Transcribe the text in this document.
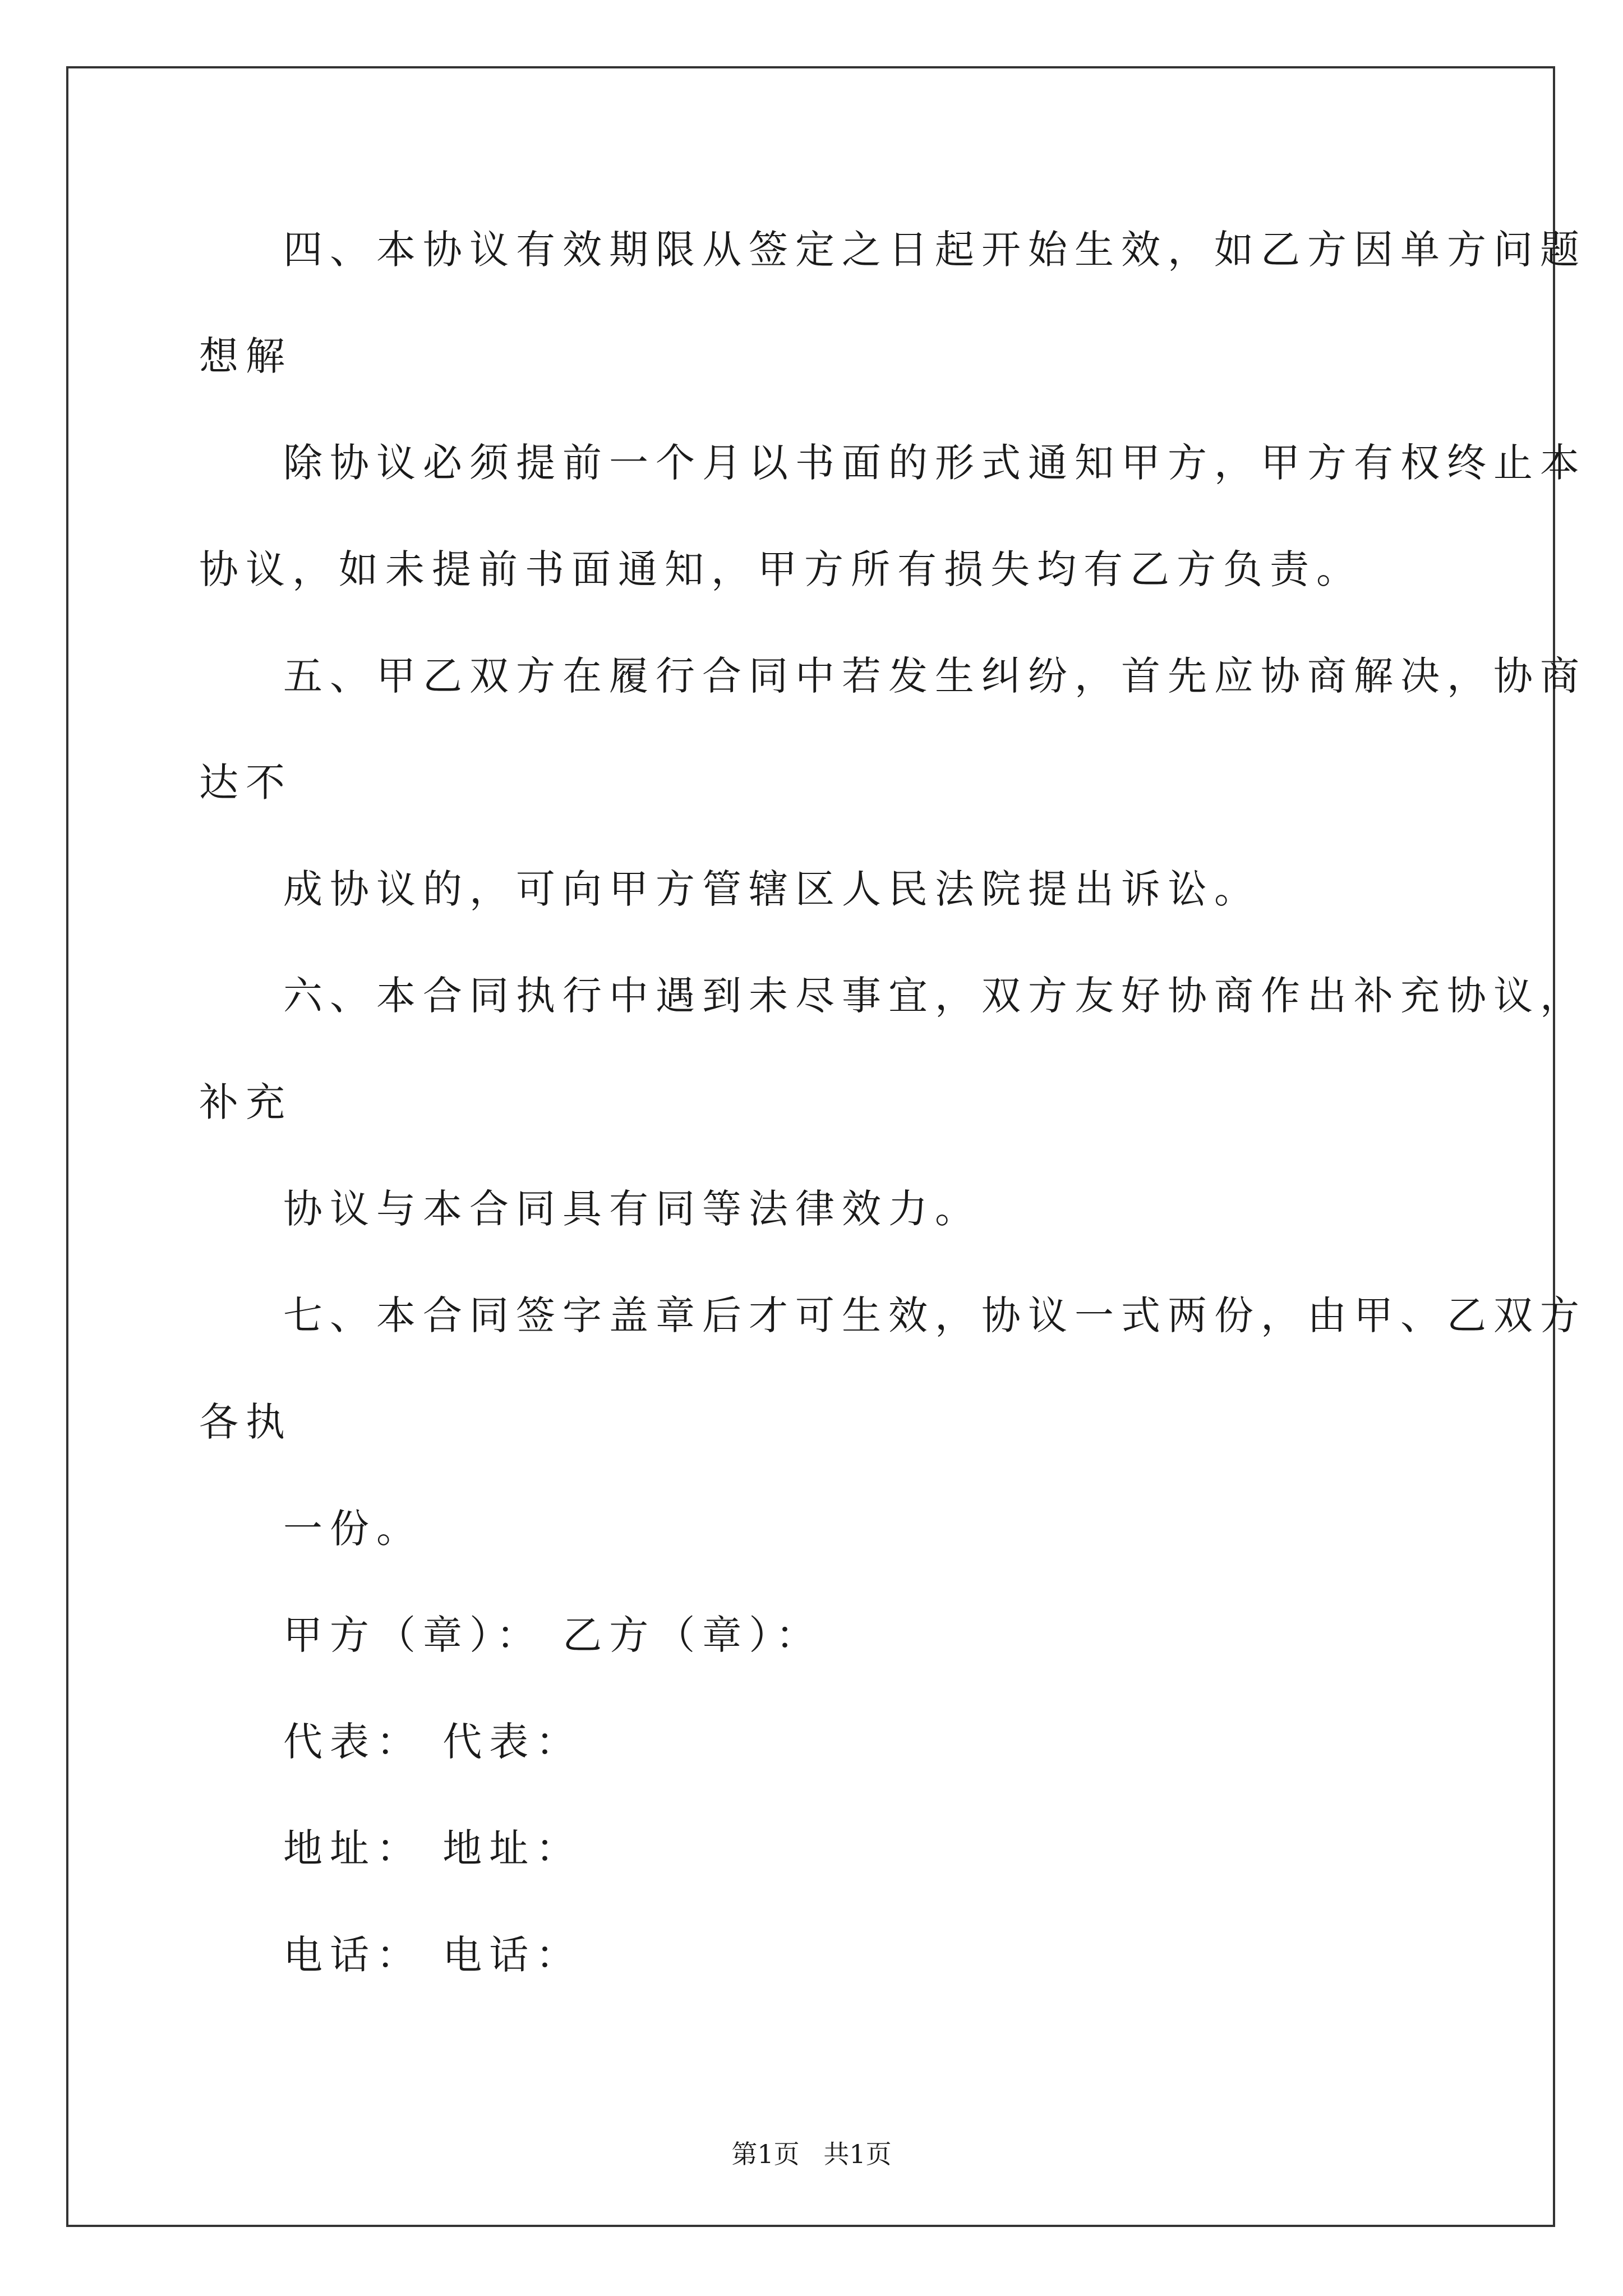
四、本协议有效期限从签定之日起开始生效，如乙方因单方问题
想解
除协议必须提前一个月以书面的形式通知甲方，甲方有权终止本
协议，如未提前书面通知，甲方所有损失均有乙方负责。
五、甲乙双方在履行合同中若发生纠纷，首先应协商解决，协商
达不
成协议的，可向甲方管辖区人民法院提出诉讼。
六、本合同执行中遇到未尽事宜，双方友好协商作出补充协议，
补充
协议与本合同具有同等法律效力。
七、本合同签字盖章后才可生效，协议一式两份，由甲、乙双方
各执
一份。
甲方（章）： 乙方（章）：
代表： 代表：
地址： 地址：
电话： 电话：
第1页 共1页
